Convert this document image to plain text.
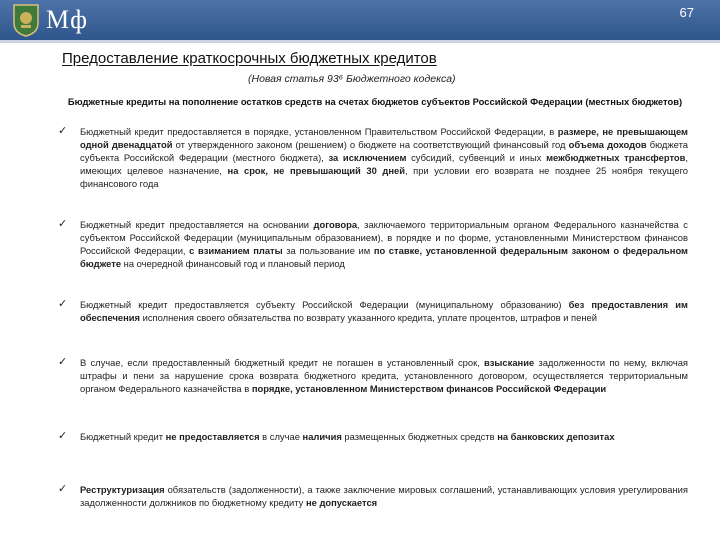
Мф	67
Предоставление краткосрочных бюджетных кредитов
(Новая статья 93⁶ Бюджетного кодекса)
Бюджетные кредиты на пополнение остатков средств на счетах бюджетов субъектов Российской Федерации (местных бюджетов)
✓ Бюджетный кредит предоставляется в порядке, установленном Правительством Российской Федерации, в размере, не превышающем одной двенадцатой от утвержденного законом (решением) о бюджете на соответствующий финансовый год объема доходов бюджета субъекта Российской Федерации (местного бюджета), за исключением субсидий, субвенций и иных межбюджетных трансфертов, имеющих целевое назначение, на срок, не превышающий 30 дней, при условии его возврата не позднее 25 ноября текущего финансового года
✓ Бюджетный кредит предоставляется на основании договора, заключаемого территориальным органом Федерального казначейства с субъектом Российской Федерации (муниципальным образованием), в порядке и по форме, установленными Министерством финансов Российской Федерации, с взиманием платы за пользование им по ставке, установленной федеральным законом о федеральном бюджете на очередной финансовый год и плановый период
✓ Бюджетный кредит предоставляется субъекту Российской Федерации (муниципальному образованию) без предоставления им обеспечения исполнения своего обязательства по возврату указанного кредита, уплате процентов, штрафов и пеней
✓ В случае, если предоставленный бюджетный кредит не погашен в установленный срок, взыскание задолженности по нему, включая штрафы и пени за нарушение срока возврата бюджетного кредита, установленного договором, осуществляется территориальным органом Федерального казначейства в порядке, установленном Министерством финансов Российской Федерации
✓ Бюджетный кредит не предоставляется в случае наличия размещенных бюджетных средств на банковских депозитах
✓ Реструктуризация обязательств (задолженности), а также заключение мировых соглашений, устанавливающих условия урегулирования задолженности должников по бюджетному кредиту не допускается
